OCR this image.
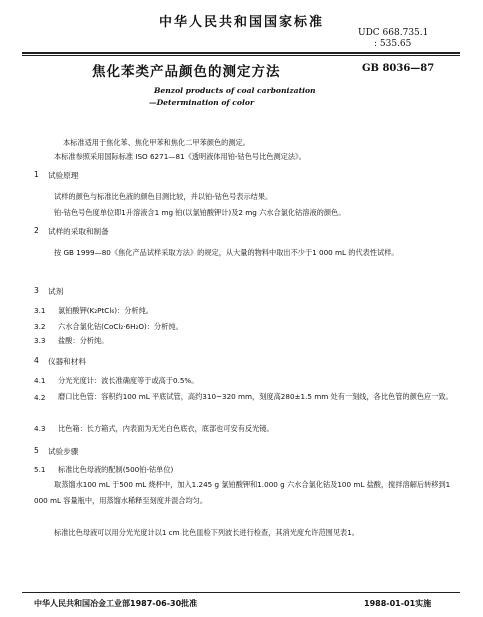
中华人民共和国国家标准
UDC 668.735.1
: 535.65
焦化苯类产品颜色的测定方法	GB 8036—87
Benzol products of coal carbonization
—Determination of color
本标准适用于焦化苯、焦化甲苯和焦化二甲苯颜色的测定。
本标准参照采用国际标准 ISO 6271—81《透明液体用铂-钴色号比色测定法》。
1 试验原理
试样的颜色与标准比色液的颜色目测比较，并以铂-钴色号表示结果。
铂-钴色号色度单位即1升溶液含1 mg 铂(以氯铂酸钾计)及2 mg 六水合氯化钴溶液的颜色。
2 试样的采取和制备

按 GB 1999—80《焦化产品试样采取方法》的规定，从大量的物料中取出不少于1 000 mL 的代表性试样。

3 试剂
3.1 氯铂酸钾(K₂PtCl₆)：分析纯。
3.2 六水合氯化钴(CoCl₂·6H₂O)：分析纯。
3.3 盐酸：分析纯。
4 仪器和材料
4.1 分光光度计：波长准确度等于或高于0.5%。
4.2	磨口比色管：容积约100 mL 平底试管，高约310~320 mm，刻度高280±1.5 mm 处有一刻线，各比色管的颜色应一致。

4.3 比色箱：长方箱式，内表面为无光白色底衣，底部也可安有反光镜。
5 试验步骤
5.1 标准比色母液的配制(500铂-钴单位)

取蒸馏水100 mL 于500 mL 烧杯中，加入1.245 g 氯铂酸钾和1.000 g 六水合氯化钴及100 mL 盐酸，搅拌溶解后转移到1 000 mL 容量瓶中，用蒸馏水稀释至刻度并混合均匀。

标准比色母液可以用分光光度计以1 cm 比色皿检下列波长进行检查，其消光度允许范围见表1。

中华人民共和国冶金工业部1987-06-30批准	1988-01-01实施
